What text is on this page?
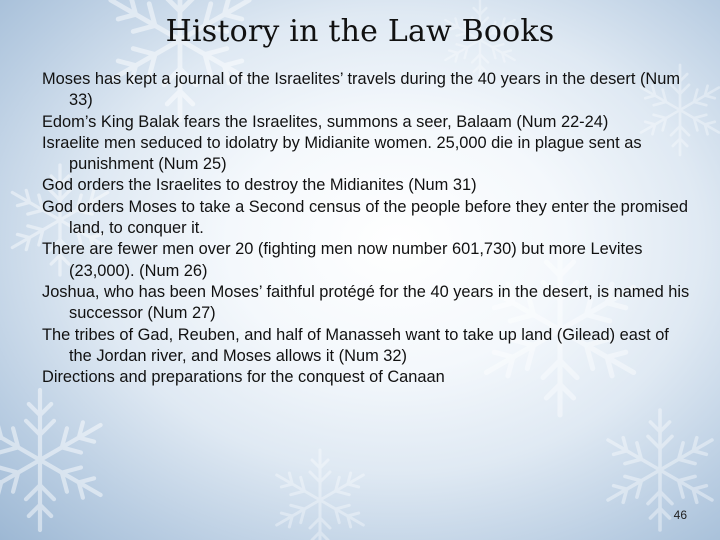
History in the Law Books
Moses has kept a journal of the Israelites’ travels during the 40 years in the desert (Num 33)
Edom’s King Balak fears the Israelites, summons a seer, Balaam (Num 22-24)
Israelite men seduced to idolatry by Midianite women. 25,000 die in plague sent as punishment (Num 25)
God orders the Israelites to destroy the Midianites (Num 31)
God orders Moses to take a Second census of the people before they enter the promised land, to conquer it.
There are fewer men over 20 (fighting men now number 601,730) but more Levites (23,000). (Num 26)
Joshua, who has been Moses’ faithful protégé for the 40 years in the desert, is named his successor (Num 27)
The tribes of Gad, Reuben, and half of Manasseh want to take up land (Gilead) east of the Jordan river, and Moses allows it (Num 32)
Directions and preparations for the conquest of Canaan
46
